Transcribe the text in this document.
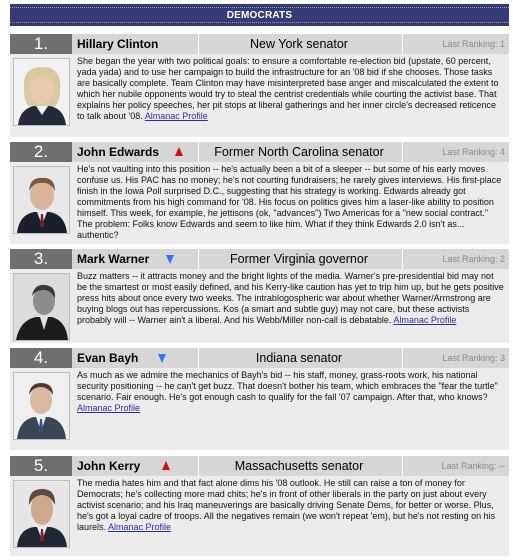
DEMOCRATS
1.	Hillary Clinton	New York senator	Last Ranking: 1

She began the year with two political goals: to ensure a comfortable re-election bid (upstate, 60 percent, yada yada) and to use her campaign to build the infrastructure for an '08 bid if she chooses. Those tasks are basically complete. Team Clinton may have misinterpreted base anger and miscalculated the extent to which her nubile opponents would try to steal the centrist credentials while courting the activist base. That explains her policy speeches, her pit stops at liberal gatherings and her inner circle's decreased reticence to talk about '08. Almanac Profile

2.	John Edwards	Former North Carolina senator	Last Ranking: 4

He's not vaulting into this position -- he's actually been a bit of a sleeper -- but some of his early moves confuse us. His PAC has no money; he's not courting fundraisers; he rarely gives interviews. His first-place finish in the Iowa Poll surprised D.C., suggesting that his strategy is working. Edwards already got commitments from his high command for '08. His focus on politics gives him a laser-like ability to position himself. This week, for example, he jettisons (ok, "advances") Two Americas for a "new social contract." The problem: Folks know Edwards and seem to like him. What if they think Edwards 2.0 isn't as... authentic?

3.	Mark Warner	Former Virginia governor	Last Ranking: 2

Buzz matters -- it attracts money and the bright lights of the media. Warner's pre-presidential bid may not be the smartest or most easily defined, and his Kerry-like caution has yet to trip him up, but he gets positive press hits about once every two weeks. The intrablogospheric war about whether Warner/Armstrong are buying blogs out has repercussions. Kos (a smart and subtle guy) may not care, but these activists probably will -- Warner ain't a liberal. And his Webb/Miller non-call is debatable. Almanac Profile

4.	Evan Bayh	Indiana senator	Last Ranking: 3

As much as we admire the mechanics of Bayh's bid -- his staff, money, grass-roots work, his national security positioning -- he can't get buzz. That doesn't bother his team, which embraces the "fear the turtle" scenario. Fair enough. He's got enough cash to qualify for the fall '07 campaign. After that, who knows? Almanac Profile

5.	John Kerry	Massachusetts senator	Last Ranking: --

The media hates him and that fact alone dims his '08 outlook. He still can raise a ton of money for Democrats; he's collecting more mad chits; he's in front of other liberals in the party on just about every activist scenario; and his Iraq maneuverings are basically driving Senate Dems, for better or worse. Plus, he's got a loyal cadre of troops. All the negatives remain (we won't repeat 'em), but he's not resting on his laurels. Almanac Profile
